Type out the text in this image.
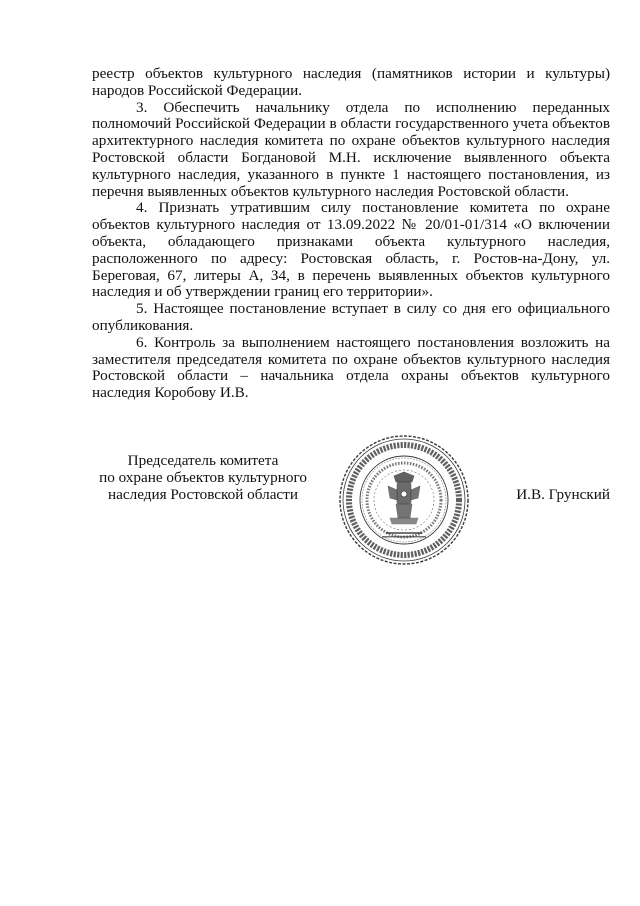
реестр объектов культурного наследия (памятников истории и культуры) народов Российской Федерации.

3. Обеспечить начальнику отдела по исполнению переданных полномочий Российской Федерации в области государственного учета объектов архитектурного наследия комитета по охране объектов культурного наследия Ростовской области Богдановой М.Н. исключение выявленного объекта культурного наследия, указанного в пункте 1 настоящего постановления, из перечня выявленных объектов культурного наследия Ростовской области.

4. Признать утратившим силу постановление комитета по охране объектов культурного наследия от 13.09.2022 № 20/01-01/314 «О включении объекта, обладающего признаками объекта культурного наследия, расположенного по адресу: Ростовская область, г. Ростов-на-Дону, ул. Береговая, 67, литеры А, З4, в перечень выявленных объектов культурного наследия и об утверждении границ его территории».

5. Настоящее постановление вступает в силу со дня его официального опубликования.

6. Контроль за выполнением настоящего постановления возложить на заместителя председателя комитета по охране объектов культурного наследия Ростовской области – начальника отдела охраны объектов культурного наследия Коробову И.В.

Председатель комитета
по охране объектов культурного
наследия Ростовской области	И.В. Грунский
